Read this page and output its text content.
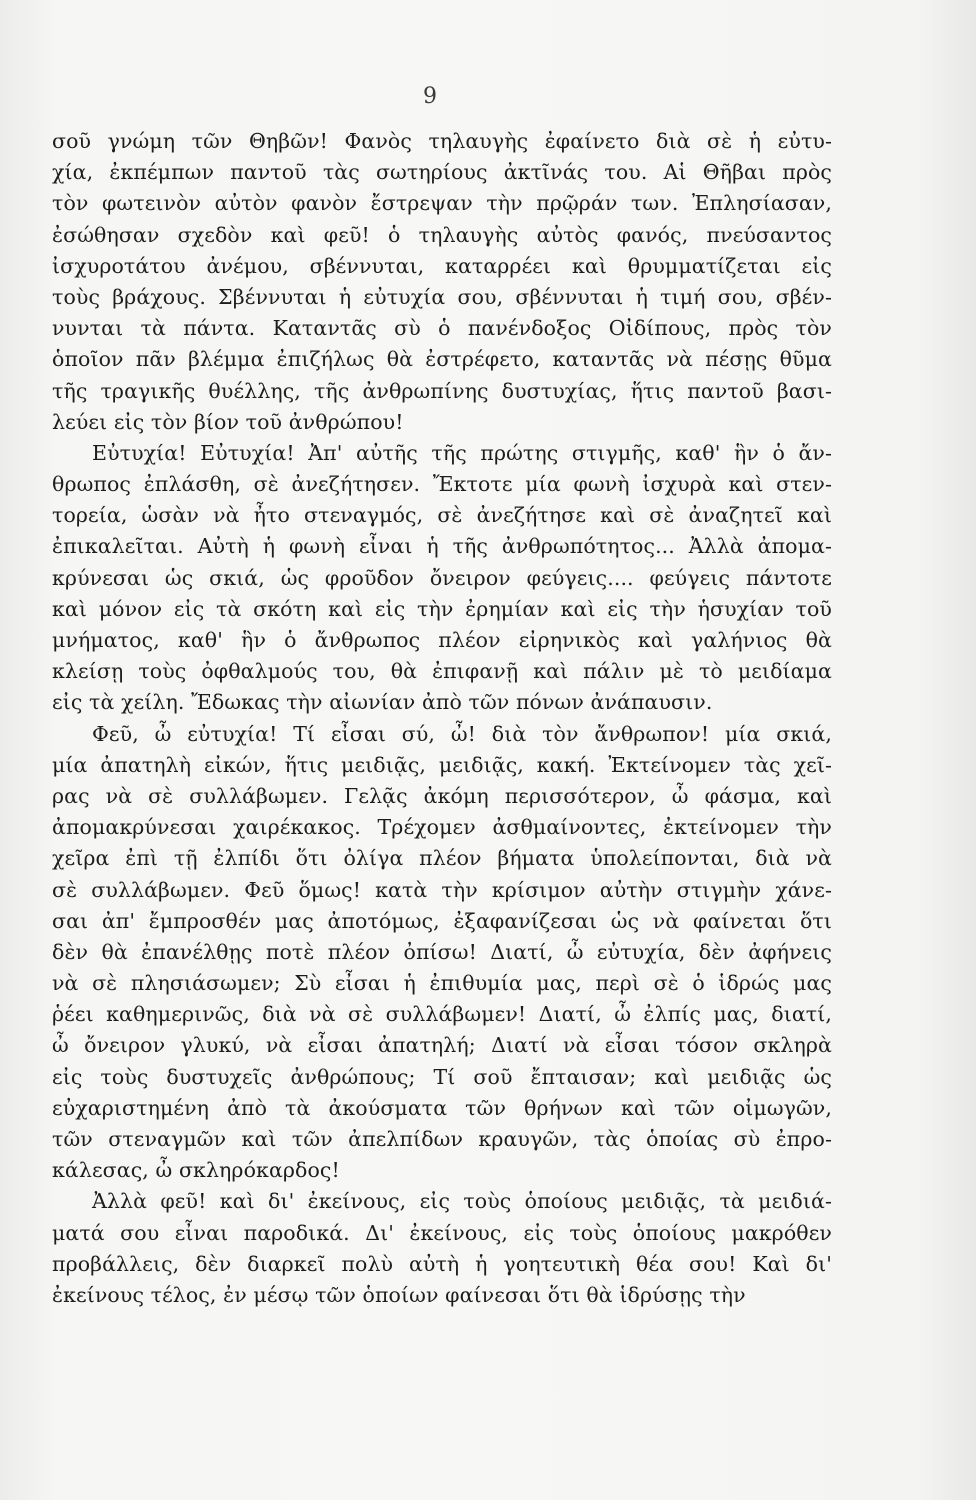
9
σοῦ γνώμη τῶν Θηβῶν! Φανὸς τηλαυγὴς ἐφαίνετο διὰ σὲ ἡ εὐτυ-
χία, ἐκπέμπων παντοῦ τὰς σωτηρίους ἀκτῖνάς του. Αἱ Θῆβαι πρὸς
τὸν φωτεινὸν αὐτὸν φανὸν ἔστρεψαν τὴν πρῷράν των. Ἐπλησίασαν,
ἐσώθησαν σχεδὸν καὶ φεῦ! ὁ τηλαυγὴς αὐτὸς φανός, πνεύσαντος
ἰσχυροτάτου ἀνέμου, σβέννυται, καταρρέει καὶ θρυμματίζεται εἰς
τοὺς βράχους. Σβέννυται ἡ εὐτυχία σου, σβέννυται ἡ τιμή σου, σβέν-
νυνται τὰ πάντα. Καταντᾶς σὺ ὁ πανένδοξος Οἰδίπους, πρὸς τὸν
ὁποῖον πᾶν βλέμμα ἐπιζήλως θὰ ἐστρέφετο, καταντᾶς νὰ πέσῃς θῦμα
τῆς τραγικῆς θυέλλης, τῆς ἀνθρωπίνης δυστυχίας, ἥτις παντοῦ βασι-
λεύει εἰς τὸν βίον τοῦ ἀνθρώπου!
Εὐτυχία! Εὐτυχία! Ἀπ' αὐτῆς τῆς πρώτης στιγμῆς, καθ' ἣν ὁ ἄν-
θρωπος ἐπλάσθη, σὲ ἀνεζήτησεν. Ἔκτοτε μία φωνὴ ἰσχυρὰ καὶ στεν-
τορεία, ὡσὰν νὰ ἦτο στεναγμός, σὲ ἀνεζήτησε καὶ σὲ ἀναζητεῖ καὶ
ἐπικαλεῖται. Αὐτὴ ἡ φωνὴ εἶναι ἡ τῆς ἀνθρωπότητος... Ἀλλὰ ἀπομα-
κρύνεσαι ὡς σκιά, ὡς φροῦδον ὄνειρον φεύγεις.... φεύγεις πάντοτε
καὶ μόνον εἰς τὰ σκότη καὶ εἰς τὴν ἐρημίαν καὶ εἰς τὴν ἡσυχίαν τοῦ
μνήματος, καθ' ἣν ὁ ἄνθρωπος πλέον εἰρηνικὸς καὶ γαλήνιος θὰ
κλείσῃ τοὺς ὀφθαλμούς του, θὰ ἐπιφανῇ καὶ πάλιν μὲ τὸ μειδίαμα
εἰς τὰ χείλη. Ἔδωκας τὴν αἰωνίαν ἀπὸ τῶν πόνων ἀνάπαυσιν.
Φεῦ, ὦ εὐτυχία! Τί εἶσαι σύ, ὦ! διὰ τὸν ἄνθρωπον! μία σκιά,
μία ἀπατηλὴ εἰκών, ἥτις μειδιᾷς, μειδιᾷς, κακή. Ἐκτείνομεν τὰς χεῖ-
ρας νὰ σὲ συλλάβωμεν. Γελᾷς ἀκόμη περισσότερον, ὦ φάσμα, καὶ
ἀπομακρύνεσαι χαιρέκακος. Τρέχομεν ἀσθμαίνοντες, ἐκτείνομεν τὴν
χεῖρα ἐπὶ τῇ ἐλπίδι ὅτι ὀλίγα πλέον βήματα ὑπολείπονται, διὰ νὰ
σὲ συλλάβωμεν. Φεῦ ὅμως! κατὰ τὴν κρίσιμον αὐτὴν στιγμὴν χάνε-
σαι ἀπ' ἔμπροσθέν μας ἀποτόμως, ἐξαφανίζεσαι ὡς νὰ φαίνεται ὅτι
δὲν θὰ ἐπανέλθῃς ποτὲ πλέον ὀπίσω! Διατί, ὦ εὐτυχία, δὲν ἀφήνεις
νὰ σὲ πλησιάσωμεν; Σὺ εἶσαι ἡ ἐπιθυμία μας, περὶ σὲ ὁ ἱδρώς μας
ῥέει καθημερινῶς, διὰ νὰ σὲ συλλάβωμεν! Διατί, ὦ ἐλπίς μας, διατί,
ὦ ὄνειρον γλυκύ, νὰ εἶσαι ἀπατηλή; Διατί νὰ εἶσαι τόσον σκληρὰ
εἰς τοὺς δυστυχεῖς ἀνθρώπους; Τί σοῦ ἔπταισαν; καὶ μειδιᾷς ὡς
εὐχαριστημένη ἀπὸ τὰ ἀκούσματα τῶν θρήνων καὶ τῶν οἰμωγῶν,
τῶν στεναγμῶν καὶ τῶν ἀπελπίδων κραυγῶν, τὰς ὁποίας σὺ ἐπρο-
κάλεσας, ὦ σκληρόκαρδος!
Ἀλλὰ φεῦ! καὶ δι' ἐκείνους, εἰς τοὺς ὁποίους μειδιᾷς, τὰ μειδιά-
ματά σου εἶναι παροδικά. Δι' ἐκείνους, εἰς τοὺς ὁποίους μακρόθεν
προβάλλεις, δὲν διαρκεῖ πολὺ αὐτὴ ἡ γοητευτικὴ θέα σου! Καὶ δι'
ἐκείνους τέλος, ἐν μέσῳ τῶν ὁποίων φαίνεσαι ὅτι θὰ ἱδρύσῃς τὴν
